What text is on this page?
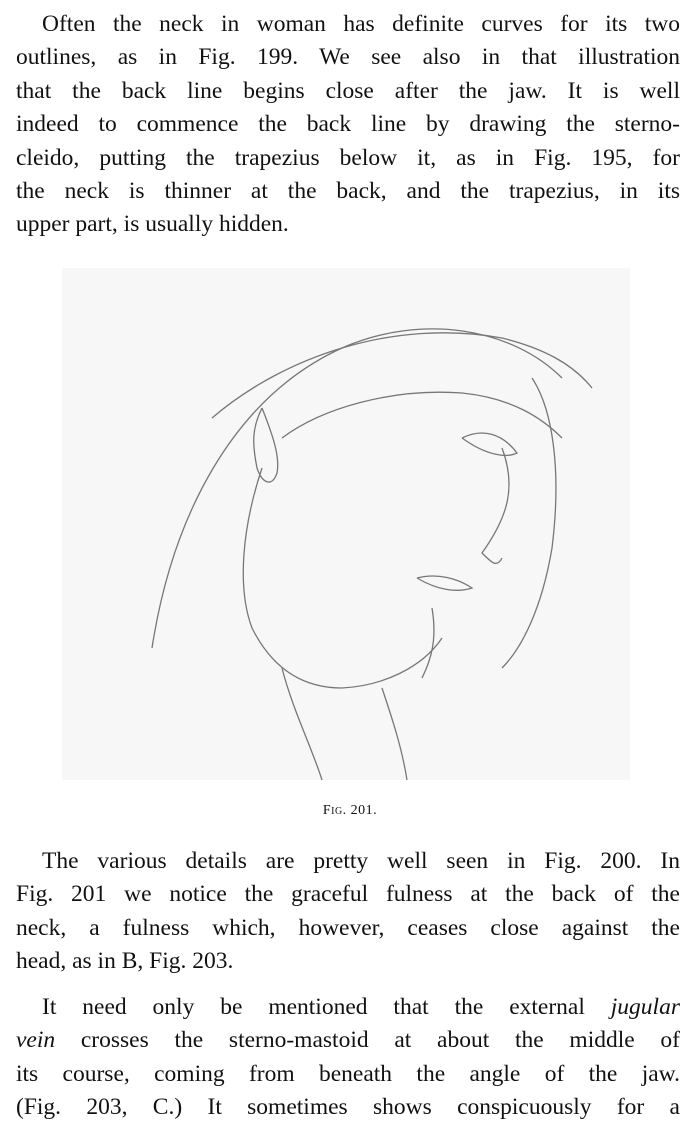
Often the neck in woman has definite curves for its two
outlines, as in Fig. 199. We see also in that illustration
that the back line begins close after the jaw. It is well
indeed to commence the back line by drawing the sterno-
cleido, putting the trapezius below it, as in Fig. 195, for
the neck is thinner at the back, and the trapezius, in its
upper part, is usually hidden.
Fig. 201.
The various details are pretty well seen in Fig. 200. In
Fig. 201 we notice the graceful fulness at the back of the
neck, a fulness which, however, ceases close against the
head, as in B, Fig. 203.
It need only be mentioned that the external jugular
vein crosses the sterno-mastoid at about the middle of
its course, coming from beneath the angle of the jaw.
(Fig. 203, C.) It sometimes shows conspicuously for a
